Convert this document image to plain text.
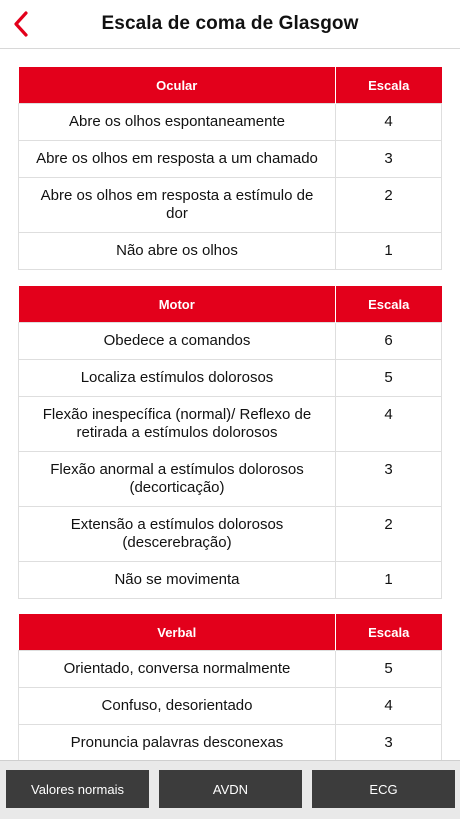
Escala de coma de Glasgow
Ocular	Escala
Abre os olhos espontaneamente	4
Abre os olhos em resposta a um chamado	3
Abre os olhos em resposta a estímulo de dor	2
Não abre os olhos	1
Motor	Escala
Obedece a comandos	6
Localiza estímulos dolorosos	5
Flexão inespecífica (normal)/ Reflexo de retirada a estímulos dolorosos	4
Flexão anormal a estímulos dolorosos (decorticação)	3
Extensão a estímulos dolorosos (descerebração)	2
Não se movimenta	1
Verbal	Escala
Orientado, conversa normalmente	5
Confuso, desorientado	4
Pronuncia palavras desconexas	3
Valores normais	AVDN	ECG
